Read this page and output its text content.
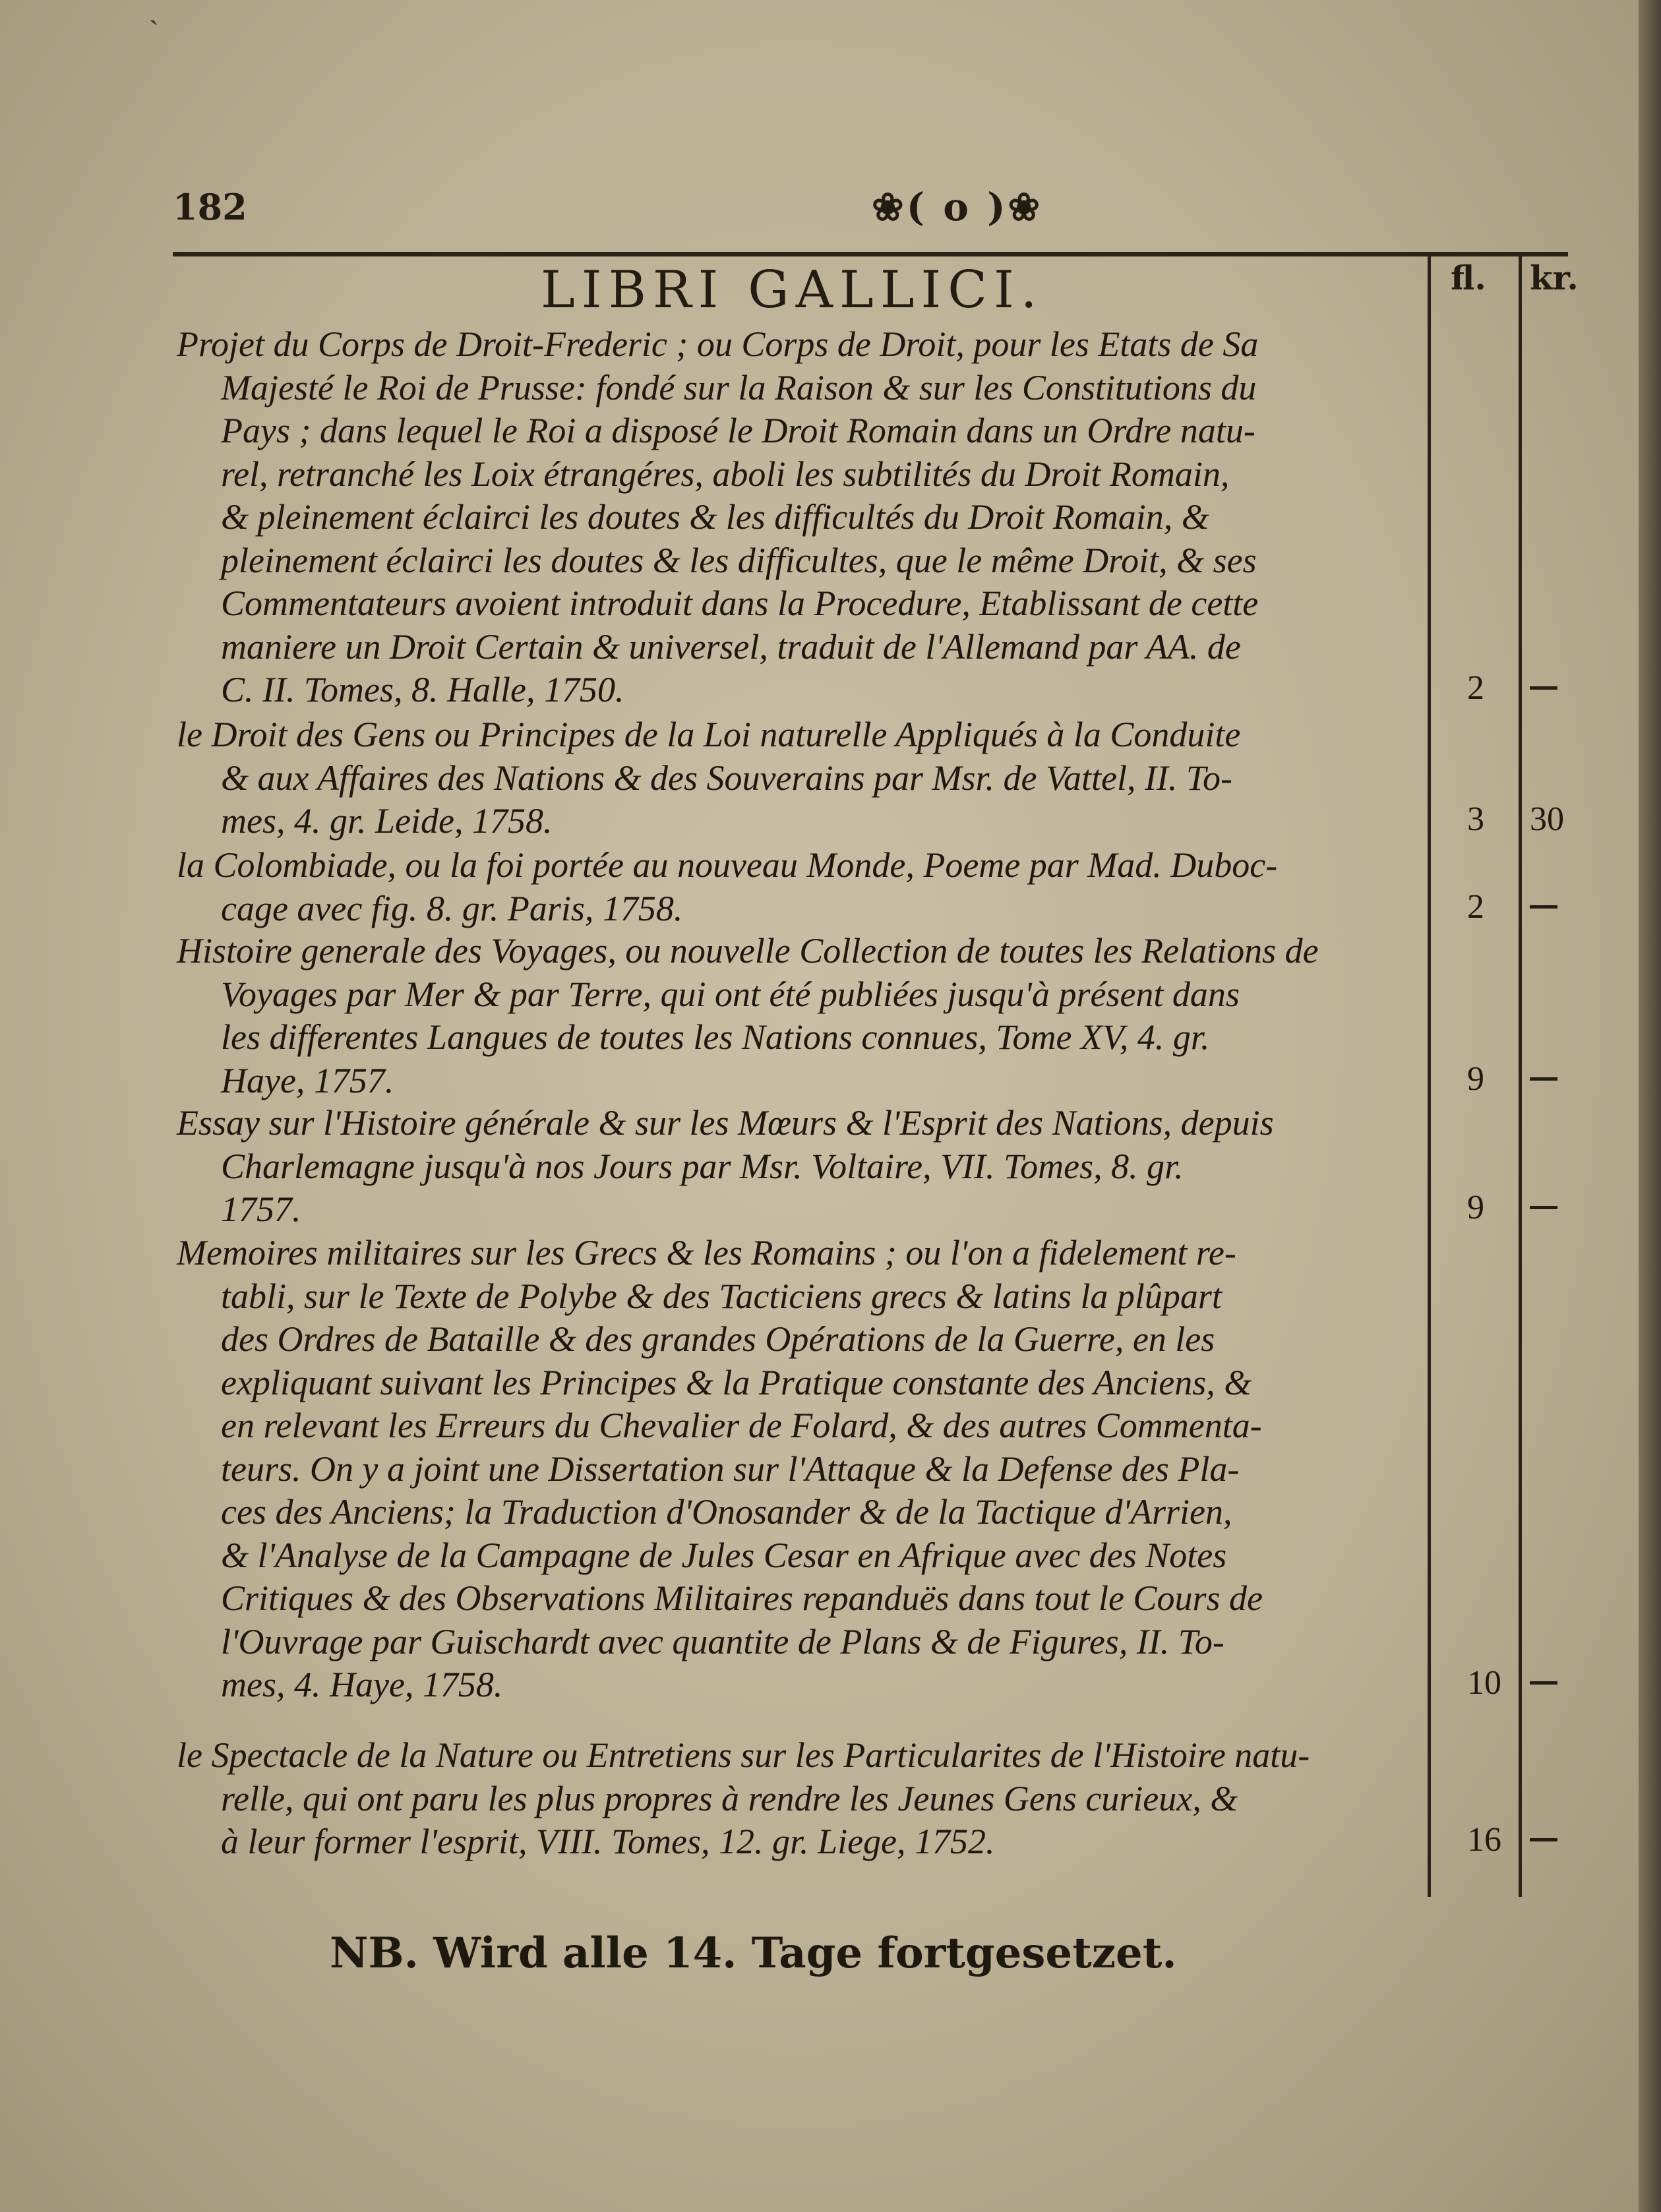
ˏ
182	❀( o )❀
fl. kr.
LIBRI GALLICI.
Projet du Corps de Droit-Frederic ; ou Corps de Droit, pour les Etats de Sa
Majesté le Roi de Prusse: fondé sur la Raison & sur les Constitutions du
Pays ; dans lequel le Roi a disposé le Droit Romain dans un Ordre natu-
rel, retranché les Loix étrangéres, aboli les subtilités du Droit Romain,
& pleinement éclairci les doutes & les difficultés du Droit Romain, &
pleinement éclairci les doutes & les difficultes, que le même Droit, & ses
Commentateurs avoient introduit dans la Procedure, Etablissant de cette
maniere un Droit Certain & universel, traduit de l'Allemand par AA. de
C. II. Tomes, 8. Halle, 1750.	2
le Droit des Gens ou Principes de la Loi naturelle Appliqués à la Conduite
& aux Affaires des Nations & des Souverains par Msr. de Vattel, II. To-
mes, 4. gr. Leide, 1758.	3 30
la Colombiade, ou la foi portée au nouveau Monde, Poeme par Mad. Duboc-
cage avec fig. 8. gr. Paris, 1758.	2
Histoire generale des Voyages, ou nouvelle Collection de toutes les Relations de
Voyages par Mer & par Terre, qui ont été publiées jusqu'à présent dans
les differentes Langues de toutes les Nations connues, Tome XV, 4. gr.
Haye, 1757.	9
Essay sur l'Histoire générale & sur les Mœurs & l'Esprit des Nations, depuis
Charlemagne jusqu'à nos Jours par Msr. Voltaire, VII. Tomes, 8. gr.
1757.	9
Memoires militaires sur les Grecs & les Romains ; ou l'on a fidelement re-
tabli, sur le Texte de Polybe & des Tacticiens grecs & latins la plûpart
des Ordres de Bataille & des grandes Opérations de la Guerre, en les
expliquant suivant les Principes & la Pratique constante des Anciens, &
en relevant les Erreurs du Chevalier de Folard, & des autres Commenta-
teurs. On y a joint une Dissertation sur l'Attaque & la Defense des Pla-
ces des Anciens; la Traduction d'Onosander & de la Tactique d'Arrien,
& l'Analyse de la Campagne de Jules Cesar en Afrique avec des Notes
Critiques & des Observations Militaires repanduës dans tout le Cours de
l'Ouvrage par Guischardt avec quantite de Plans & de Figures, II. To-
mes, 4. Haye, 1758.	10
le Spectacle de la Nature ou Entretiens sur les Particularites de l'Histoire natu-
relle, qui ont paru les plus propres à rendre les Jeunes Gens curieux, &
à leur former l'esprit, VIII. Tomes, 12. gr. Liege, 1752.	16
NB. Wird alle 14. Tage fortgesetzet.
